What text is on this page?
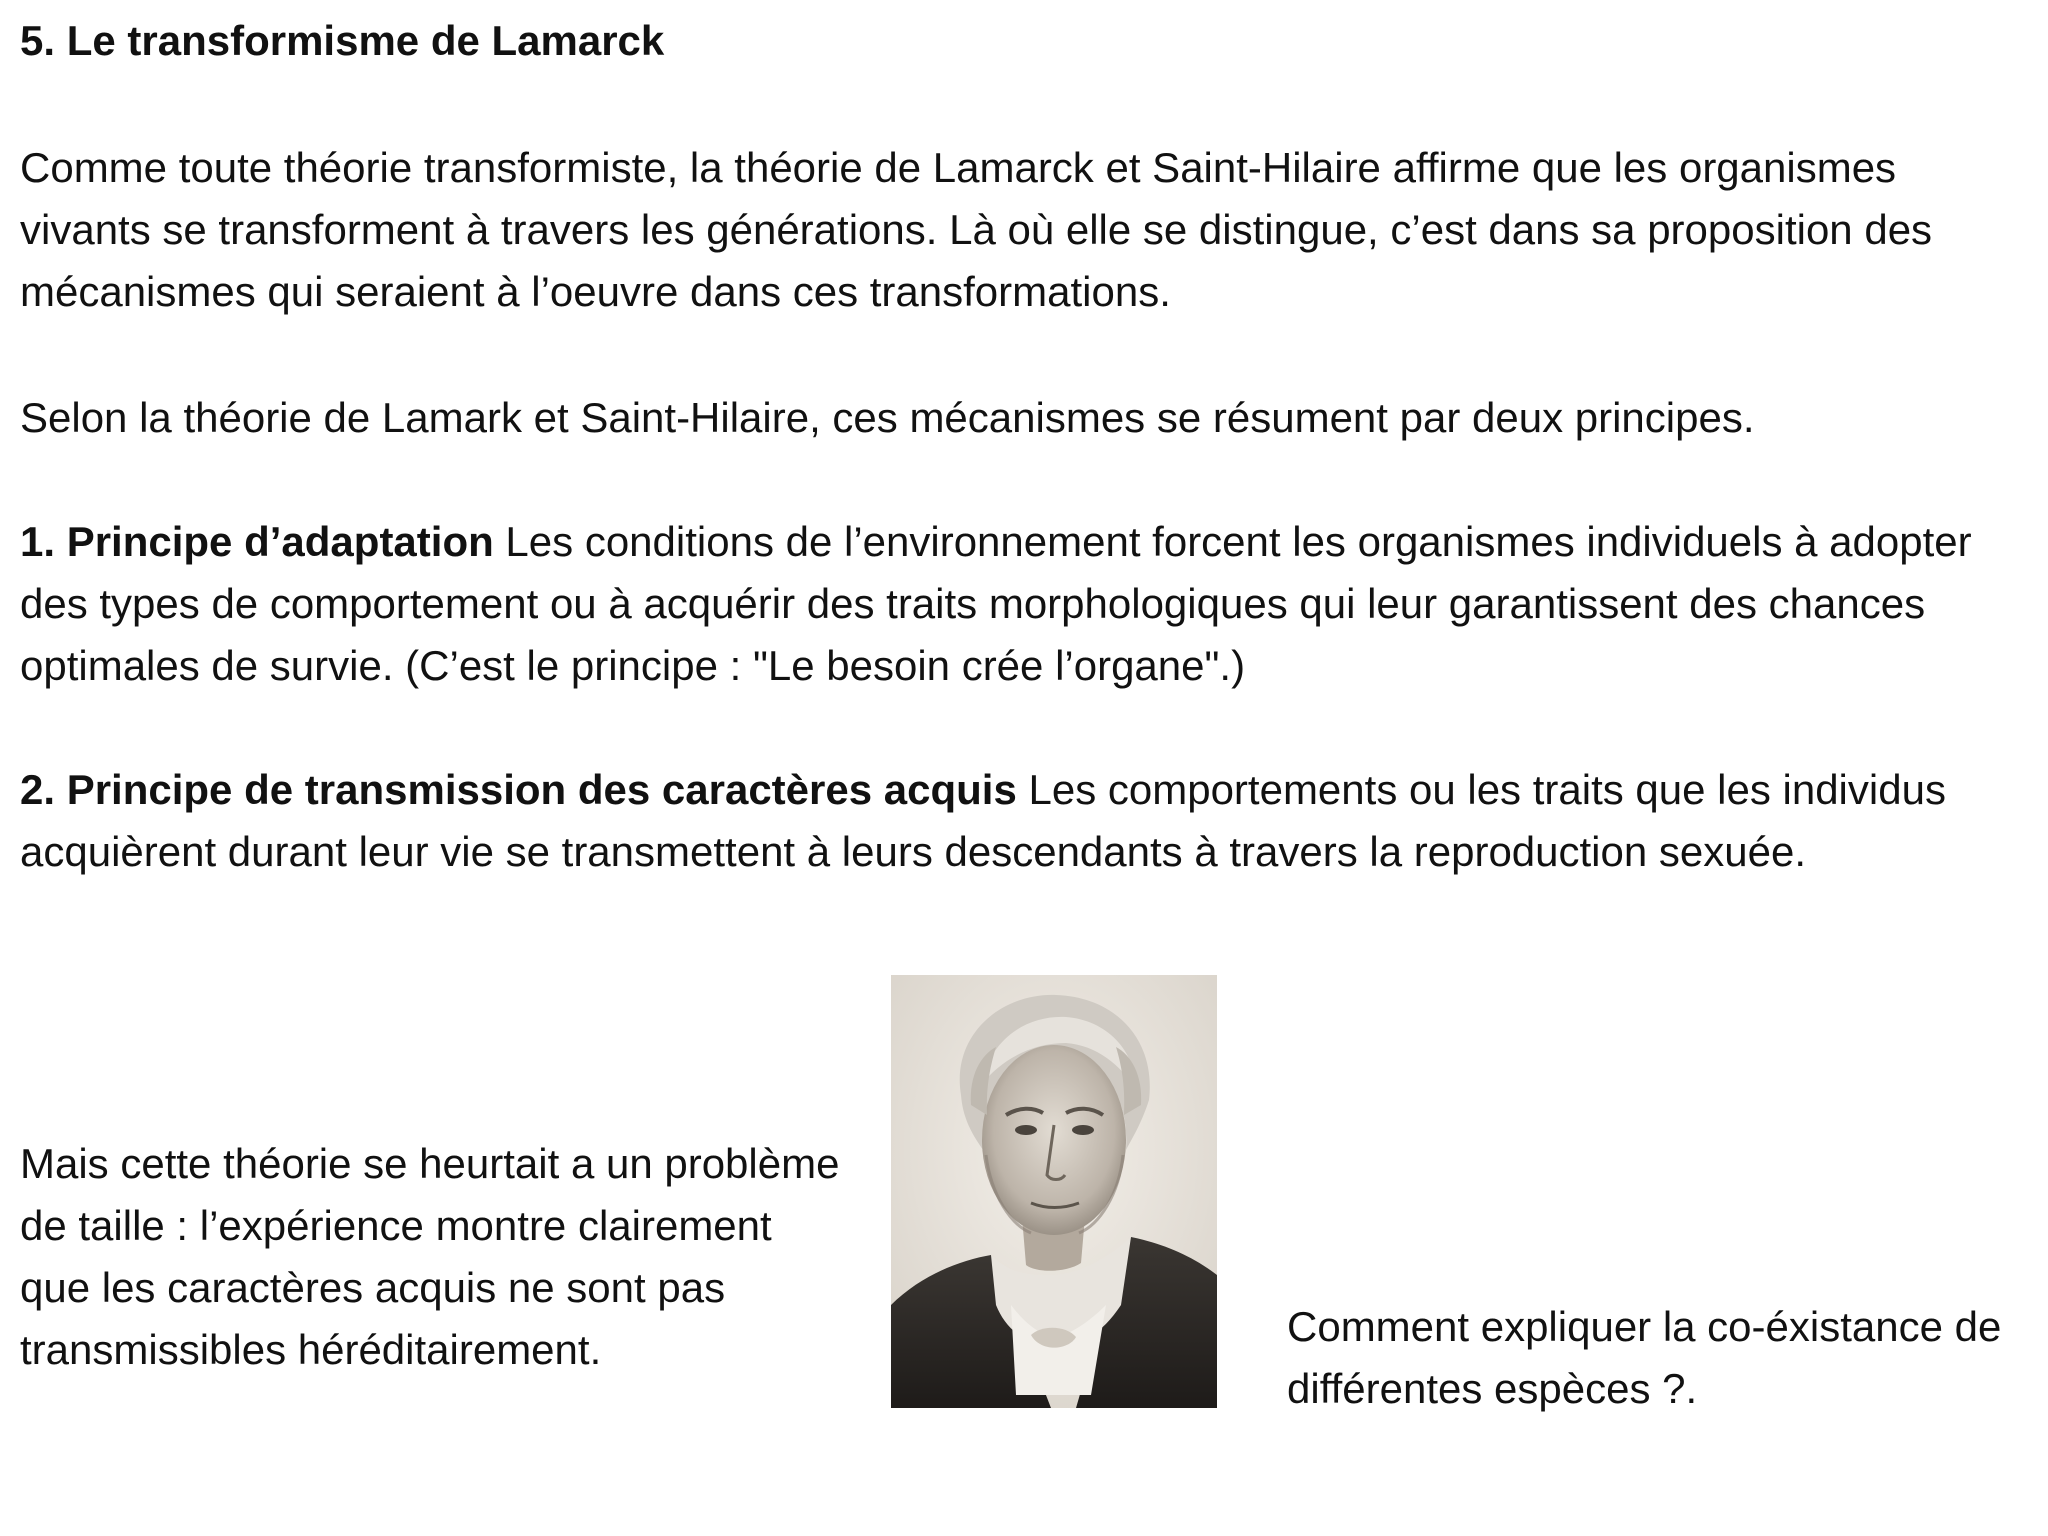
5. Le transformisme de Lamarck

Comme toute théorie transformiste, la théorie de Lamarck et Saint-Hilaire affirme que les organismes vivants se transforment à travers les générations. Là où elle se distingue, c’est dans sa proposition des mécanismes qui seraient à l’oeuvre dans ces transformations.

Selon la théorie de Lamark et Saint-Hilaire, ces mécanismes se résument par deux principes.

1. Principe d’adaptation Les conditions de l’environnement forcent les organismes individuels à adopter des types de comportement ou à acquérir des traits morphologiques qui leur garantissent des chances optimales de survie. (C’est le principe : "Le besoin crée l’organe".)

2. Principe de transmission des caractères acquis Les comportements ou les traits que les individus acquièrent durant leur vie se transmettent à leurs descendants à travers la reproduction sexuée.

Mais cette théorie se heurtait a un problème de taille : l’expérience montre clairement que les caractères acquis ne sont pas transmissibles héréditairement.	Comment expliquer la co-éxistance de différentes espèces ?.
